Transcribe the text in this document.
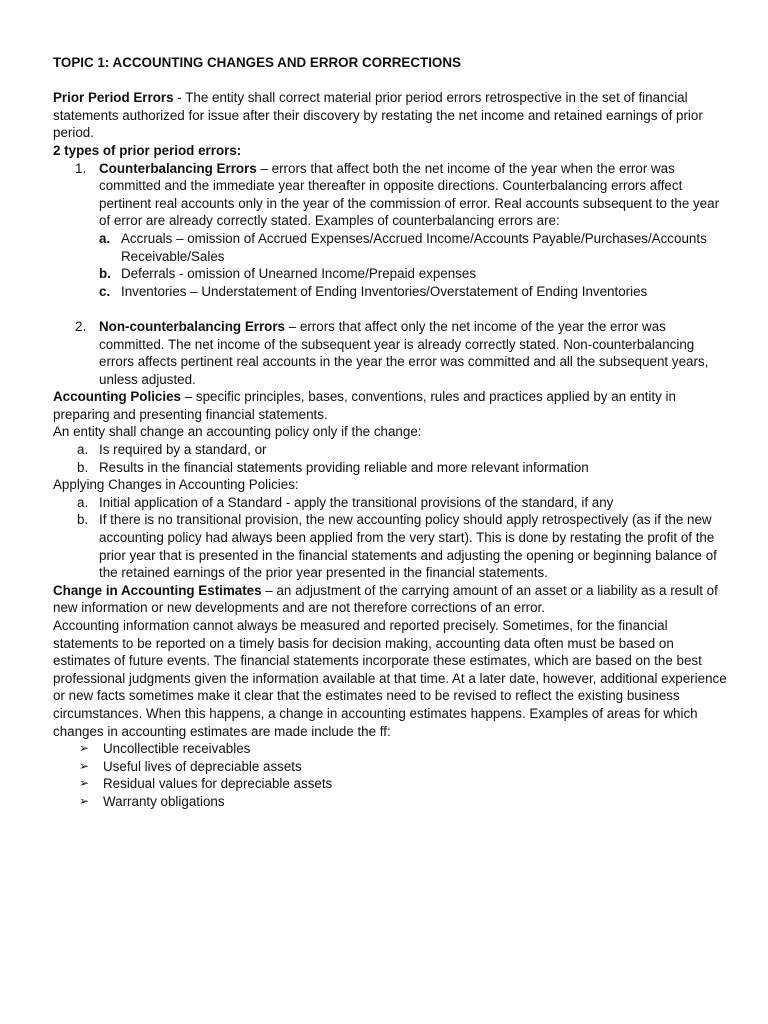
TOPIC 1: ACCOUNTING CHANGES AND ERROR CORRECTIONS

Prior Period Errors - The entity shall correct material prior period errors retrospective in the set of financial statements authorized for issue after their discovery by restating the net income and retained earnings of prior period.

2 types of prior period errors:

1. Counterbalancing Errors – errors that affect both the net income of the year when the error was committed and the immediate year thereafter in opposite directions. Counterbalancing errors affect pertinent real accounts only in the year of the commission of error. Real accounts subsequent to the year of error are already correctly stated. Examples of counterbalancing errors are:

a. Accruals – omission of Accrued Expenses/Accrued Income/Accounts Payable/Purchases/Accounts Receivable/Sales

b. Deferrals - omission of Unearned Income/Prepaid expenses

c. Inventories – Understatement of Ending Inventories/Overstatement of Ending Inventories

2. Non-counterbalancing Errors – errors that affect only the net income of the year the error was committed. The net income of the subsequent year is already correctly stated. Non-counterbalancing errors affects pertinent real accounts in the year the error was committed and all the subsequent years, unless adjusted.

Accounting Policies – specific principles, bases, conventions, rules and practices applied by an entity in preparing and presenting financial statements.

An entity shall change an accounting policy only if the change:

a. Is required by a standard, or

b. Results in the financial statements providing reliable and more relevant information

Applying Changes in Accounting Policies:

a. Initial application of a Standard - apply the transitional provisions of the standard, if any

b. If there is no transitional provision, the new accounting policy should apply retrospectively (as if the new accounting policy had always been applied from the very start). This is done by restating the profit of the prior year that is presented in the financial statements and adjusting the opening or beginning balance of the retained earnings of the prior year presented in the financial statements.

Change in Accounting Estimates – an adjustment of the carrying amount of an asset or a liability as a result of new information or new developments and are not therefore corrections of an error.

Accounting information cannot always be measured and reported precisely. Sometimes, for the financial statements to be reported on a timely basis for decision making, accounting data often must be based on estimates of future events. The financial statements incorporate these estimates, which are based on the best professional judgments given the information available at that time. At a later date, however, additional experience or new facts sometimes make it clear that the estimates need to be revised to reflect the existing business circumstances. When this happens, a change in accounting estimates happens. Examples of areas for which changes in accounting estimates are made include the ff:

➢ Uncollectible receivables

➢ Useful lives of depreciable assets

➢ Residual values for depreciable assets

➢ Warranty obligations
